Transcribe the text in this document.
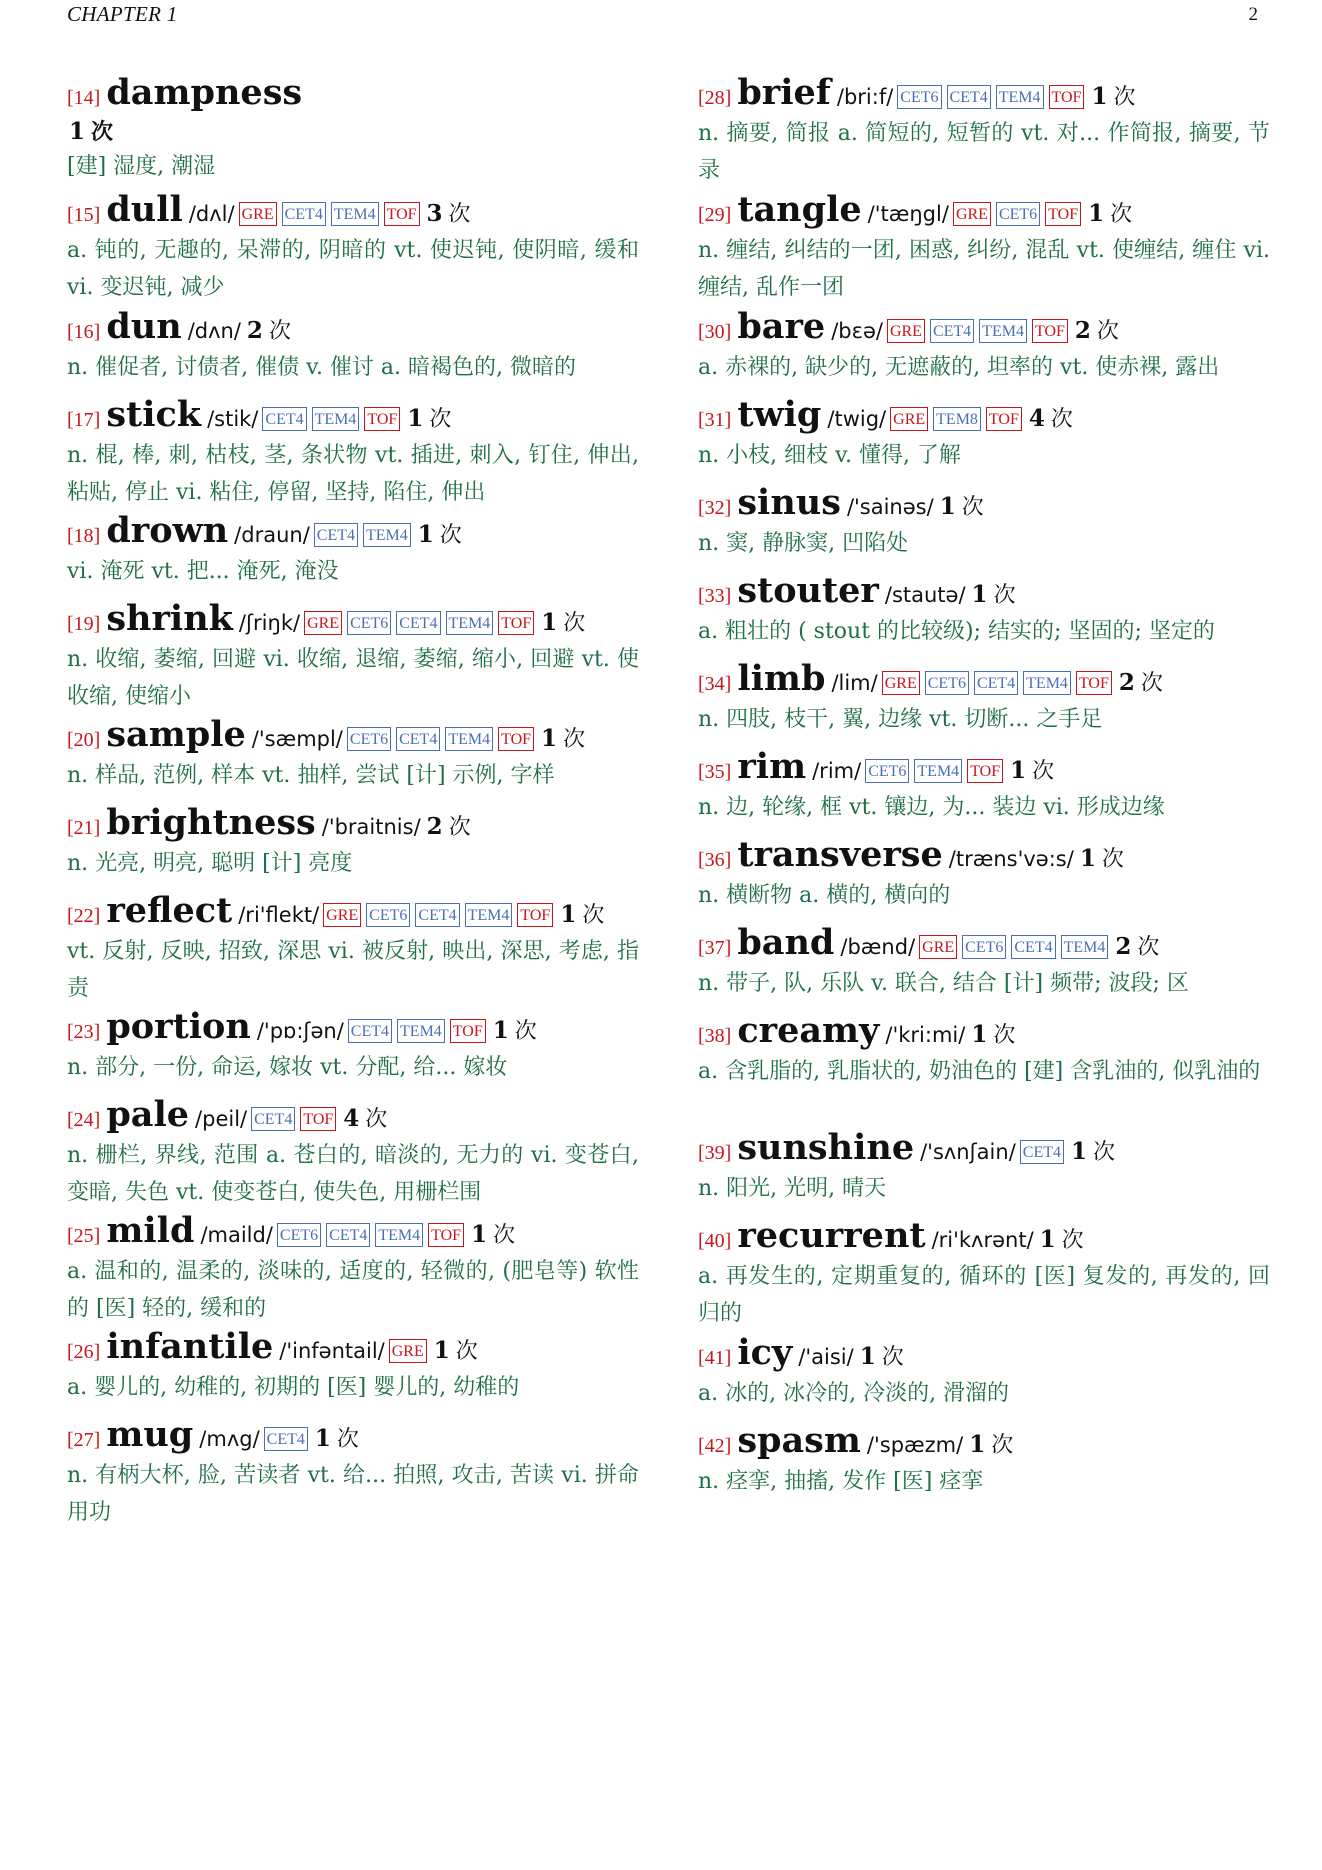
CHAPTER 1	2
[14] dampness
1 次
[建] 湿度, 潮湿
[15] dull /dʌl/ GRE CET4 TEM4 TOF 3 次
a. 钝的, 无趣的, 呆滞的, 阴暗的 vt. 使迟钝, 使阴暗, 缓和 vi. 变迟钝, 减少
[16] dun /dʌn/ 2 次
n. 催促者, 讨债者, 催债 v. 催讨 a. 暗褐色的, 微暗的
[17] stick /stik/ CET4 TEM4 TOF 1 次
n. 棍, 棒, 刺, 枯枝, 茎, 条状物 vt. 插进, 刺入, 钉住, 伸出, 粘贴, 停止 vi. 粘住, 停留, 坚持, 陷住, 伸出
[18] drown /draun/ CET4 TEM4 1 次
vi. 淹死 vt. 把... 淹死, 淹没
[19] shrink /ʃriŋk/ GRE CET6 CET4 TEM4 TOF 1 次
n. 收缩, 萎缩, 回避 vi. 收缩, 退缩, 萎缩, 缩小, 回避 vt. 使收缩, 使缩小
[20] sample /'sæmpl/ CET6 CET4 TEM4 TOF 1 次
n. 样品, 范例, 样本 vt. 抽样, 尝试 [计] 示例, 字样
[21] brightness /'braitnis/ 2 次
n. 光亮, 明亮, 聪明 [计] 亮度
[22] reflect /ri'flekt/ GRE CET6 CET4 TEM4 TOF 1 次
vt. 反射, 反映, 招致, 深思 vi. 被反射, 映出, 深思, 考虑, 指责
[23] portion /'pɒ:ʃən/ CET4 TEM4 TOF 1 次
n. 部分, 一份, 命运, 嫁妆 vt. 分配, 给... 嫁妆
[24] pale /peil/ CET4 TOF 4 次
n. 栅栏, 界线, 范围 a. 苍白的, 暗淡的, 无力的 vi. 变苍白, 变暗, 失色 vt. 使变苍白, 使失色, 用栅栏围
[25] mild /maild/ CET6 CET4 TEM4 TOF 1 次
a. 温和的, 温柔的, 淡味的, 适度的, 轻微的, (肥皂等) 软性的 [医] 轻的, 缓和的
[26] infantile /'infəntail/ GRE 1 次
a. 婴儿的, 幼稚的, 初期的 [医] 婴儿的, 幼稚的
[27] mug /mʌg/ CET4 1 次
n. 有柄大杯, 脸, 苦读者 vt. 给... 拍照, 攻击, 苦读 vi. 拼命用功
[28] brief /bri:f/ CET6 CET4 TEM4 TOF 1 次
n. 摘要, 简报 a. 简短的, 短暂的 vt. 对... 作简报, 摘要, 节录
[29] tangle /'tæŋgl/ GRE CET6 TOF 1 次
n. 缠结, 纠结的一团, 困惑, 纠纷, 混乱 vt. 使缠结, 缠住 vi. 缠结, 乱作一团
[30] bare /bɛə/ GRE CET4 TEM4 TOF 2 次
a. 赤裸的, 缺少的, 无遮蔽的, 坦率的 vt. 使赤裸, 露出
[31] twig /twig/ GRE TEM8 TOF 4 次
n. 小枝, 细枝 v. 懂得, 了解
[32] sinus /'sainəs/ 1 次
n. 窦, 静脉窦, 凹陷处
[33] stouter /stautə/ 1 次
a. 粗壮的 ( stout 的比较级); 结实的; 坚固的; 坚定的
[34] limb /lim/ GRE CET6 CET4 TEM4 TOF 2 次
n. 四肢, 枝干, 翼, 边缘 vt. 切断... 之手足
[35] rim /rim/ CET6 TEM4 TOF 1 次
n. 边, 轮缘, 框 vt. 镶边, 为... 装边 vi. 形成边缘
[36] transverse /træns'və:s/ 1 次
n. 横断物 a. 横的, 横向的
[37] band /bænd/ GRE CET6 CET4 TEM4 2 次
n. 带子, 队, 乐队 v. 联合, 结合 [计] 频带; 波段; 区
[38] creamy /'kri:mi/ 1 次
a. 含乳脂的, 乳脂状的, 奶油色的 [建] 含乳油的, 似乳油的
[39] sunshine /'sʌnʃain/ CET4 1 次
n. 阳光, 光明, 晴天
[40] recurrent /ri'kʌrənt/ 1 次
a. 再发生的, 定期重复的, 循环的 [医] 复发的, 再发的, 回归的
[41] icy /'aisi/ 1 次
a. 冰的, 冰冷的, 冷淡的, 滑溜的
[42] spasm /'spæzm/ 1 次
n. 痉挛, 抽搐, 发作 [医] 痉挛
